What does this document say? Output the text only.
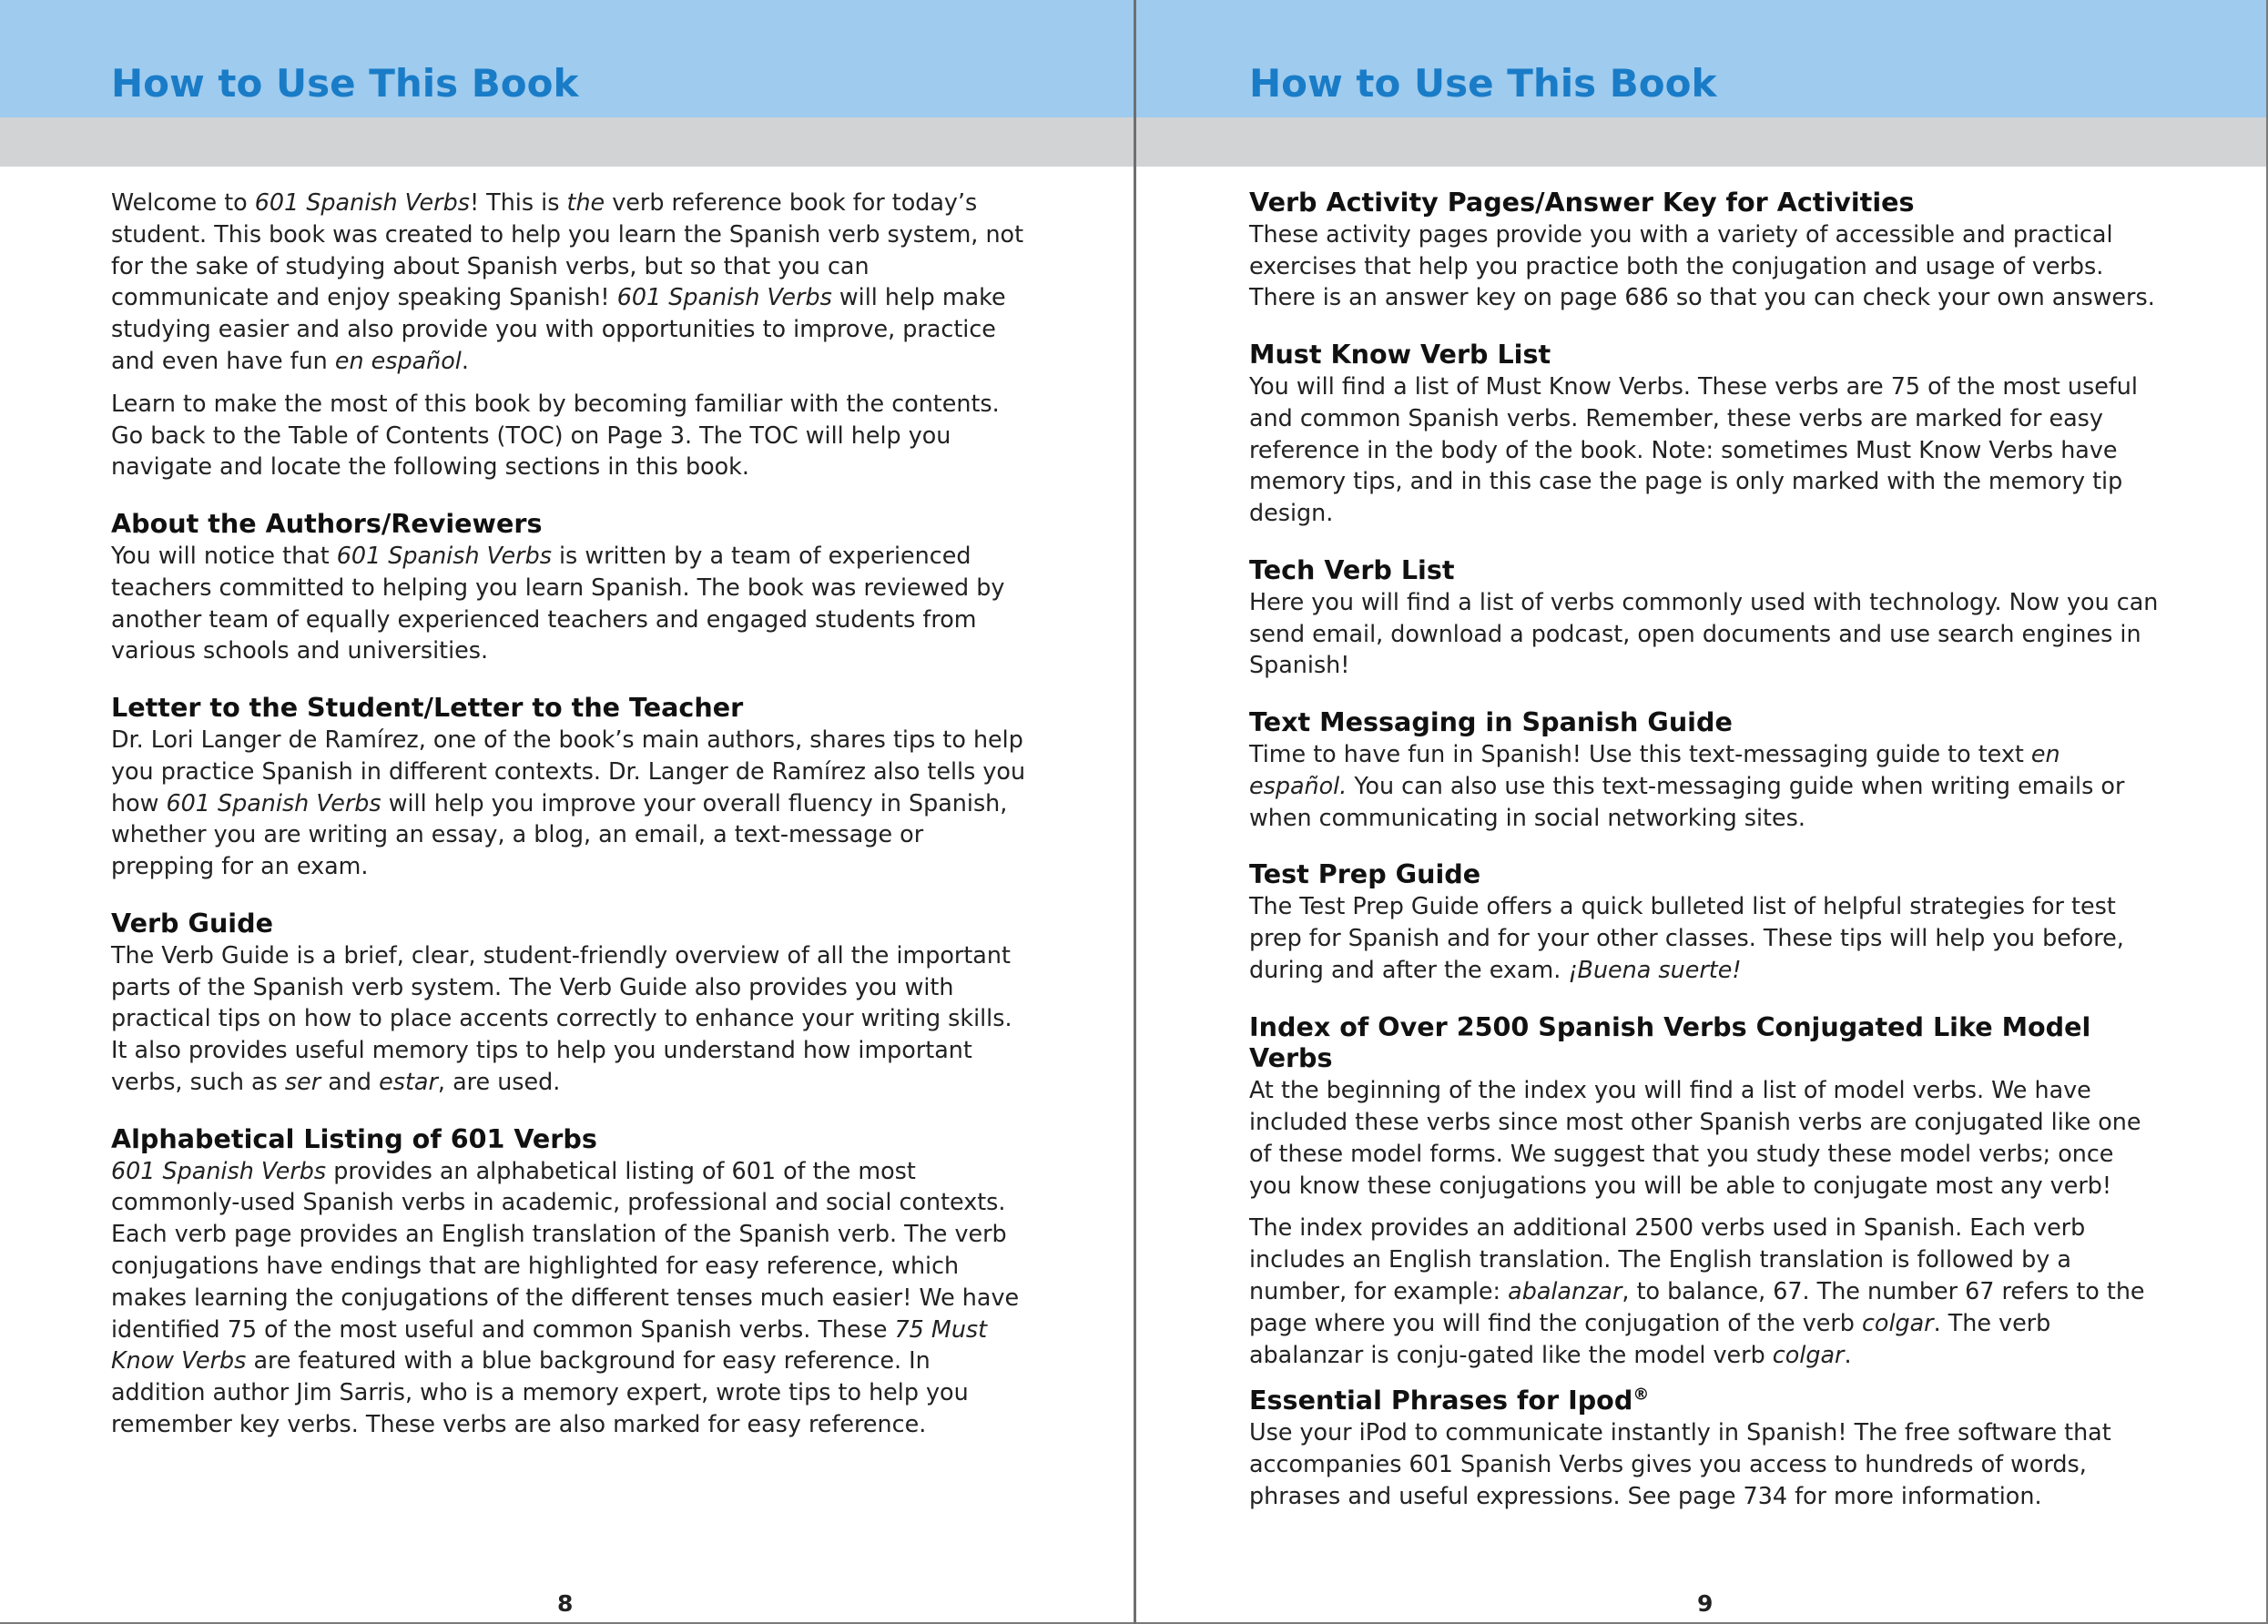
How to Use This Book

Welcome to 601 Spanish Verbs! This is the verb reference book for today’s student. This book was created to help you learn the Spanish verb system, not for the sake of studying about Spanish verbs, but so that you can communicate and enjoy speaking Spanish! 601 Spanish Verbs will help make studying easier and also provide you with opportunities to improve, practice and even have fun en español.

Learn to make the most of this book by becoming familiar with the contents. Go back to the Table of Contents (TOC) on Page 3. The TOC will help you navigate and locate the following sections in this book.

About the Authors/Reviewers

You will notice that 601 Spanish Verbs is written by a team of experienced teachers committed to helping you learn Spanish. The book was reviewed by another team of equally experienced teachers and engaged students from various schools and universities.

Letter to the Student/Letter to the Teacher

Dr. Lori Langer de Ramírez, one of the book’s main authors, shares tips to help you practice Spanish in different contexts. Dr. Langer de Ramírez also tells you how 601 Spanish Verbs will help you improve your overall fluency in Spanish, whether you are writing an essay, a blog, an email, a text-message or prepping for an exam.

Verb Guide

The Verb Guide is a brief, clear, student-friendly overview of all the important parts of the Spanish verb system. The Verb Guide also provides you with practical tips on how to place accents correctly to enhance your writing skills. It also provides useful memory tips to help you understand how important verbs, such as ser and estar, are used.

Alphabetical Listing of 601 Verbs

601 Spanish Verbs provides an alphabetical listing of 601 of the most commonly-used Spanish verbs in academic, professional and social contexts. Each verb page provides an English translation of the Spanish verb. The verb conjugations have endings that are highlighted for easy reference, which makes learning the conjugations of the different tenses much easier! We have identified 75 of the most useful and common Spanish verbs. These 75 Must Know Verbs are featured with a blue background for easy reference. In addition author Jim Sarris, who is a memory expert, wrote tips to help you remember key verbs. These verbs are also marked for easy reference.

8
How to Use This Book
Verb Activity Pages/Answer Key for Activities

These activity pages provide you with a variety of accessible and practical exercises that help you practice both the conjugation and usage of verbs. There is an answer key on page 686 so that you can check your own answers.

Must Know Verb List

You will find a list of Must Know Verbs. These verbs are 75 of the most useful and common Spanish verbs. Remember, these verbs are marked for easy reference in the body of the book. Note: sometimes Must Know Verbs have memory tips, and in this case the page is only marked with the memory tip design.

Tech Verb List

Here you will find a list of verbs commonly used with technology. Now you can send email, download a podcast, open documents and use search engines in Spanish!

Text Messaging in Spanish Guide

Time to have fun in Spanish! Use this text-messaging guide to text en español. You can also use this text-messaging guide when writing emails or when communicating in social networking sites.

Test Prep Guide

The Test Prep Guide offers a quick bulleted list of helpful strategies for test prep for Spanish and for your other classes. These tips will help you before, during and after the exam. ¡Buena suerte!

Index of Over 2500 Spanish Verbs Conjugated Like Model Verbs

At the beginning of the index you will find a list of model verbs. We have included these verbs since most other Spanish verbs are conjugated like one of these model forms. We suggest that you study these model verbs; once you know these conjugations you will be able to conjugate most any verb!

The index provides an additional 2500 verbs used in Spanish. Each verb includes an English translation. The English translation is followed by a number, for example: abalanzar, to balance, 67. The number 67 refers to the page where you will find the conjugation of the verb colgar. The verb abalanzar is conju-gated like the model verb colgar.

Essential Phrases for Ipod®

Use your iPod to communicate instantly in Spanish! The free software that accompanies 601 Spanish Verbs gives you access to hundreds of words, phrases and useful expressions. See page 734 for more information.

9
